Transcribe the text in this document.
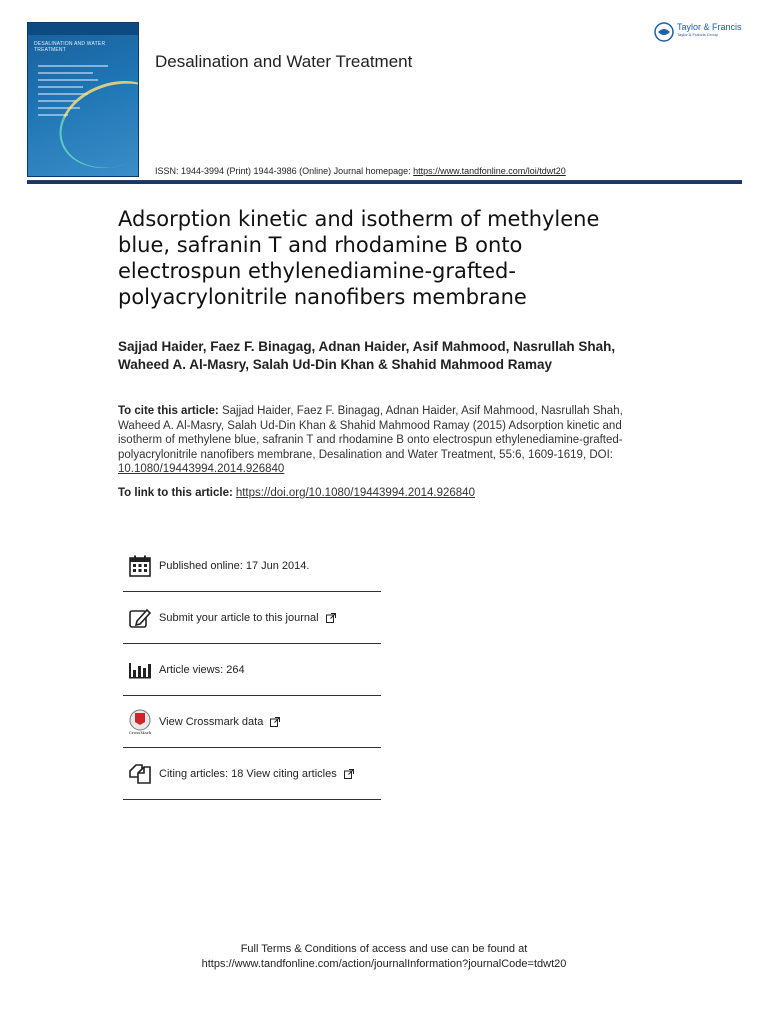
DESALINATION AND WATER TREATMENT
Desalination and Water Treatment
Taylor & Francis
Taylor & Francis Group
ISSN: 1944-3994 (Print) 1944-3986 (Online) Journal homepage: https://www.tandfonline.com/loi/tdwt20
Adsorption kinetic and isotherm of methylene blue, safranin T and rhodamine B onto electrospun ethylenediamine-grafted-polyacrylonitrile nanofibers membrane
Sajjad Haider, Faez F. Binagag, Adnan Haider, Asif Mahmood, Nasrullah Shah, Waheed A. Al-Masry, Salah Ud-Din Khan & Shahid Mahmood Ramay
To cite this article: Sajjad Haider, Faez F. Binagag, Adnan Haider, Asif Mahmood, Nasrullah Shah, Waheed A. Al-Masry, Salah Ud-Din Khan & Shahid Mahmood Ramay (2015) Adsorption kinetic and isotherm of methylene blue, safranin T and rhodamine B onto electrospun ethylenediamine-grafted-polyacrylonitrile nanofibers membrane, Desalination and Water Treatment, 55:6, 1609-1619, DOI: 10.1080/19443994.2014.926840
To link to this article: https://doi.org/10.1080/19443994.2014.926840
Published online: 17 Jun 2014.
Submit your article to this journal
Article views: 264
CrossMark
View Crossmark data
Citing articles: 18 View citing articles
Full Terms & Conditions of access and use can be found at
https://www.tandfonline.com/action/journalInformation?journalCode=tdwt20
